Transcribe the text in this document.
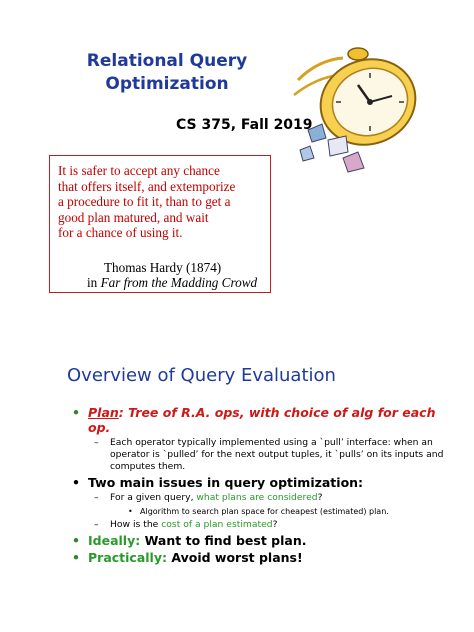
Relational Query
Optimization
CS 375, Fall 2019
It is safer to accept any chance
that offers itself, and extemporize
a procedure to fit it, than to get a
good plan matured, and wait
for a chance of using it.
Thomas Hardy (1874)
in Far from the Madding Crowd
Overview of Query Evaluation
• Plan: Tree of R.A. ops, with choice of alg for each op.
– Each operator typically implemented using a `pull’ interface: when an operator is `pulled’ for the next output tuples, it `pulls’ on its inputs and computes them.
• Two main issues in query optimization:
– For a given query, what plans are considered?
• Algorithm to search plan space for cheapest (estimated) plan.
– How is the cost of a plan estimated?
• Ideally: Want to find best plan.
• Practically: Avoid worst plans!
